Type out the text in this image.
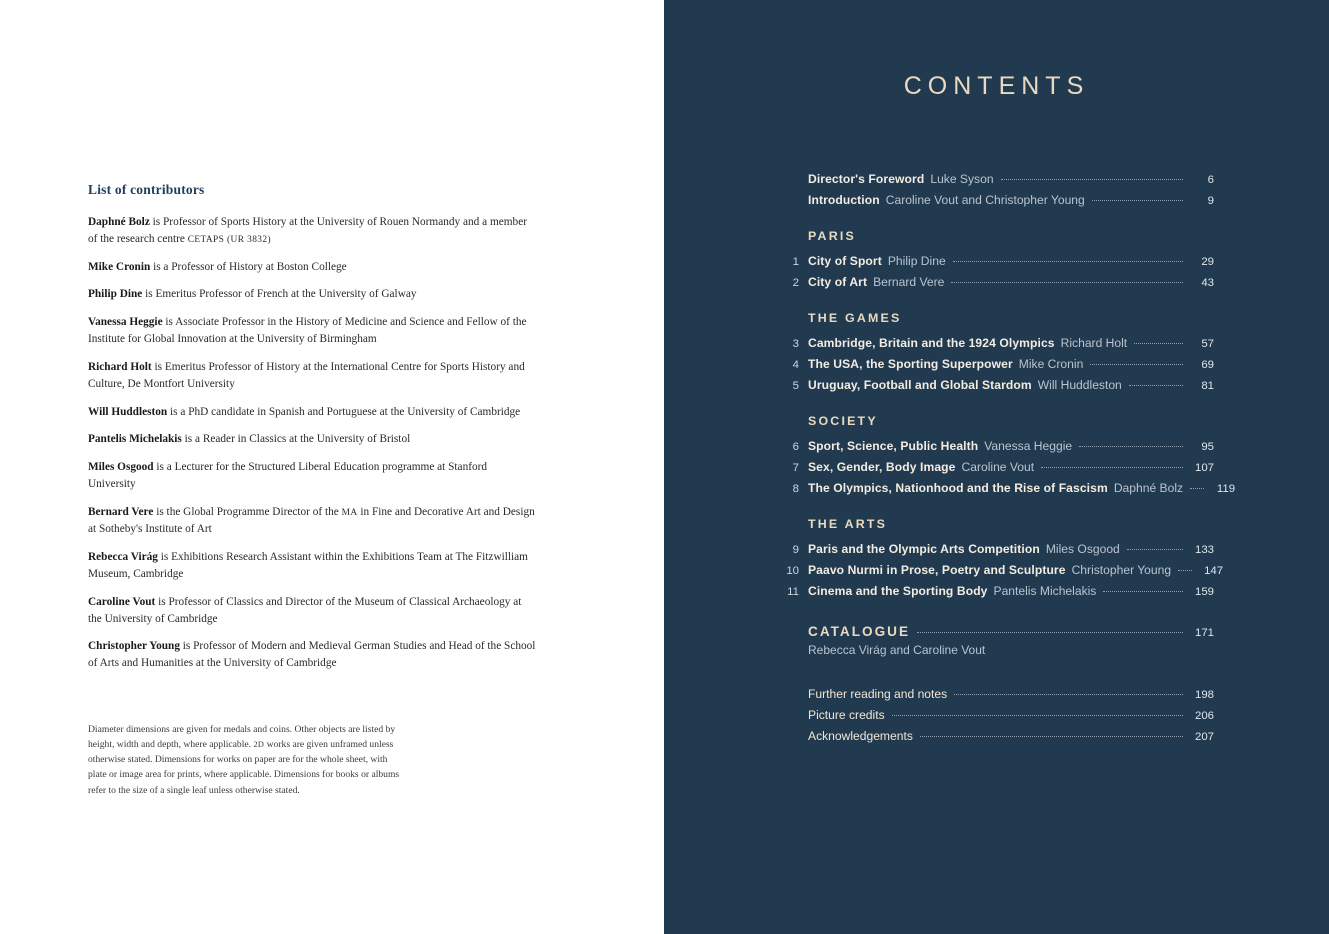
List of contributors
Daphné Bolz is Professor of Sports History at the University of Rouen Normandy and a member of the research centre CETAPS (UR 3832)
Mike Cronin is a Professor of History at Boston College
Philip Dine is Emeritus Professor of French at the University of Galway
Vanessa Heggie is Associate Professor in the History of Medicine and Science and Fellow of the Institute for Global Innovation at the University of Birmingham
Richard Holt is Emeritus Professor of History at the International Centre for Sports History and Culture, De Montfort University
Will Huddleston is a PhD candidate in Spanish and Portuguese at the University of Cambridge
Pantelis Michelakis is a Reader in Classics at the University of Bristol
Miles Osgood is a Lecturer for the Structured Liberal Education programme at Stanford University
Bernard Vere is the Global Programme Director of the MA in Fine and Decorative Art and Design at Sotheby's Institute of Art
Rebecca Virág is Exhibitions Research Assistant within the Exhibitions Team at The Fitzwilliam Museum, Cambridge
Caroline Vout is Professor of Classics and Director of the Museum of Classical Archaeology at the University of Cambridge
Christopher Young is Professor of Modern and Medieval German Studies and Head of the School of Arts and Humanities at the University of Cambridge
Diameter dimensions are given for medals and coins. Other objects are listed by height, width and depth, where applicable. 2D works are given unframed unless otherwise stated. Dimensions for works on paper are for the whole sheet, with plate or image area for prints, where applicable. Dimensions for books or albums refer to the size of a single leaf unless otherwise stated.
CONTENTS
Director's Foreword Luke Syson	6
Introduction Caroline Vout and Christopher Young	9
PARIS
1 City of Sport Philip Dine	29
2 City of Art Bernard Vere	43
THE GAMES
3 Cambridge, Britain and the 1924 Olympics Richard Holt	57
4 The USA, the Sporting Superpower Mike Cronin	69
5 Uruguay, Football and Global Stardom Will Huddleston	81
SOCIETY
6 Sport, Science, Public Health Vanessa Heggie	95
7 Sex, Gender, Body Image Caroline Vout	107
8 The Olympics, Nationhood and the Rise of Fascism Daphné Bolz	119
THE ARTS
9 Paris and the Olympic Arts Competition Miles Osgood	133
10 Paavo Nurmi in Prose, Poetry and Sculpture Christopher Young	147
11 Cinema and the Sporting Body Pantelis Michelakis	159
CATALOGUE	171
Rebecca Virág and Caroline Vout
Further reading and notes	198
Picture credits	206
Acknowledgements	207
